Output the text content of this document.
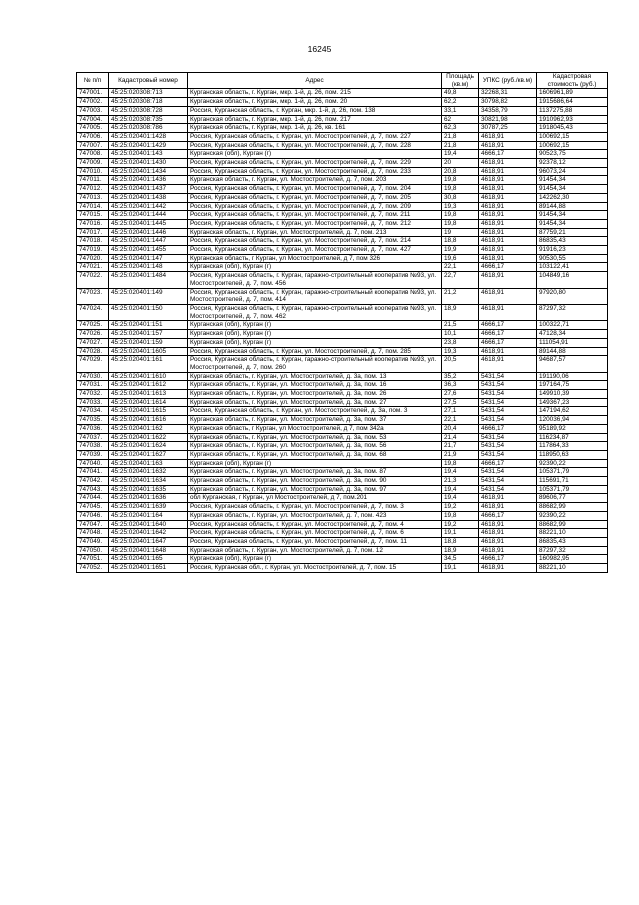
16245
№ п/п	Кадастровый номер	Адрес	Площадь (кв.м)	УПКС (руб./кв.м)	Кадастровая стоимость (руб.)
747001.	45:25:020308:713	Курганская область, г. Курган, мкр. 1-й, д. 26, пом. 215	49,8	32268,31	1606961,89
747002.	45:25:020308:718	Курганская область, г. Курган, мкр. 1-й, д. 26, пом. 20	62,2	30798,82	1915686,64
747003.	45:25:020308:728	Россия, Курганская область, г. Курган, мкр. 1-й, д. 26, пом. 138	33,1	34358,79	1137275,88
747004.	45:25:020308:735	Курганская область, г. Курган, мкр. 1-й, д. 26, пом. 217	62	30821,98	1910962,93
747005.	45:25:020308:786	Курганская область, г. Курган, мкр. 1-й, д. 26, кв. 161	62,3	30787,25	1918045,43
747006.	45:25:020401:1428	Россия, Курганская область, г. Курган, ул. Мостостроителей, д. 7, пом. 227	21,8	4618,91	100692,15
747007.	45:25:020401:1429	Россия, Курганская область, г. Курган, ул. Мостостроителей, д. 7, пом. 228	21,8	4618,91	100692,15
747008.	45:25:020401:143	Курганская (обл), Курган (г)	19,4	4666,17	90523,75
747009.	45:25:020401:1430	Россия, Курганская область, г. Курган, ул. Мостостроителей, д. 7, пом. 229	20	4618,91	92378,12
747010.	45:25:020401:1434	Россия, Курганская область, г. Курган, ул. Мостостроителей, д. 7, пом. 233	20,8	4618,91	96073,24
747011.	45:25:020401:1436	Курганская область, г. Курган, ул. Мостостроителей, д. 7, пом. 203	19,8	4618,91	91454,34
747012.	45:25:020401:1437	Россия, Курганская область, г. Курган, ул. Мостостроителей, д. 7, пом. 204	19,8	4618,91	91454,34
747013.	45:25:020401:1438	Россия, Курганская область, г. Курган, ул. Мостостроителей, д. 7, пом. 205	30,8	4618,91	142262,30
747014.	45:25:020401:1442	Россия, Курганская область, г. Курган, ул. Мостостроителей, д. 7, пом. 209	19,3	4618,91	89144,88
747015.	45:25:020401:1444	Россия, Курганская область, г. Курган, ул. Мостостроителей, д. 7, пом. 211	19,8	4618,91	91454,34
747016.	45:25:020401:1445	Россия, Курганская область, г. Курган, ул. Мостостроителей, д. 7, пом. 212	19,8	4618,91	91454,34
747017.	45:25:020401:1446	Курганская область, г. Курган, ул. Мостостроителей, д. 7, пом. 213	19	4618,91	87759,21
747018.	45:25:020401:1447	Россия, Курганская область, г. Курган, ул. Мостостроителей, д. 7, пом. 214	18,8	4618,91	86835,43
747019.	45:25:020401:1455	Россия, Курганская область, г. Курган, ул. Мостостроителей, д. 7, пом. 427	19,9	4618,91	91916,23
747020.	45:25:020401:147	Курганская область, г Курган, ул Мостостроителей, д 7, пом 326	19,6	4618,91	90530,55
747021.	45:25:020401:148	Курганская (обл), Курган (г)	22,1	4666,17	103122,41
747022.	45:25:020401:1484	Россия, Курганская область, г. Курган, гаражно-строительный кооператив №93, ул. Мостостроителей, д. 7, пом. 456	22,7	4618,91	104849,16
747023.	45:25:020401:149	Россия, Курганская область, г. Курган, гаражно-строительный кооператив №93, ул. Мостостроителей, д. 7, пом. 414	21,2	4618,91	97920,80
747024.	45:25:020401:150	Россия, Курганская область, г. Курган, гаражно-строительный кооператив №93, ул. Мостостроителей, д. 7, пом. 462	18,9	4618,91	87297,32
747025.	45:25:020401:151	Курганская (обл), Курган (г)	21,5	4666,17	100322,71
747026.	45:25:020401:157	Курганская (обл), Курган (г)	10,1	4666,17	47128,34
747027.	45:25:020401:159	Курганская (обл), Курган (г)	23,8	4666,17	111054,91
747028.	45:25:020401:1605	Россия, Курганская область, г. Курган, ул. Мостостроителей, д. 7, пом. 285	19,3	4618,91	89144,88
747029.	45:25:020401:161	Россия, Курганская область, г. Курган, гаражно-строительный кооператив №93, ул. Мостостроителей, д. 7, пом. 260	20,5	4618,91	94687,57
747030.	45:25:020401:1610	Курганская область, г. Курган, ул. Мостостроителей, д. 3а, пом. 13	35,2	5431,54	191190,06
747031.	45:25:020401:1612	Курганская область, г. Курган, ул. Мостостроителей, д. 3а, пом. 16	36,3	5431,54	197164,75
747032.	45:25:020401:1613	Курганская область, г. Курган, ул. Мостостроителей, д. 3а, пом. 26	27,6	5431,54	149910,39
747033.	45:25:020401:1614	Курганская область, г. Курган, ул. Мостостроителей, д. 3а, пом. 27	27,5	5431,54	149367,23
747034.	45:25:020401:1615	Россия, Курганская область, г. Курган, ул. Мостостроителей, д. 3а, пом. 3	27,1	5431,54	147194,62
747035.	45:25:020401:1616	Курганская область, г. Курган, ул. Мостостроителей, д. 3а, пом. 37	22,1	5431,54	120036,94
747036.	45:25:020401:162	Курганская область, г Курган, ул Мостостроителей, д 7, пом 342а	20,4	4666,17	95189,92
747037.	45:25:020401:1622	Курганская область, г. Курган, ул. Мостостроителей, д. 3а, пом. 53	21,4	5431,54	116234,87
747038.	45:25:020401:1624	Курганская область, г. Курган, ул. Мостостроителей, д. 3а, пом. 56	21,7	5431,54	117864,33
747039.	45:25:020401:1627	Курганская область, г. Курган, ул. Мостостроителей, д. 3а, пом. 68	21,9	5431,54	118950,63
747040.	45:25:020401:163	Курганская (обл), Курган (г)	19,8	4666,17	92390,22
747041.	45:25:020401:1632	Курганская область, г. Курган, ул. Мостостроителей, д. 3а, пом. 87	19,4	5431,54	105371,79
747042.	45:25:020401:1634	Курганская область, г. Курган, ул. Мостостроителей, д. 3а, пом. 90	21,3	5431,54	115691,71
747043.	45:25:020401:1635	Курганская область, г. Курган, ул. Мостостроителей, д. 3а, пом. 97	19,4	5431,54	105371,79
747044.	45:25:020401:1636	обл Курганская, г Курган, ул Мостостроителей, д 7, пом.201	19,4	4618,91	89606,77
747045.	45:25:020401:1639	Россия, Курганская область, г. Курган, ул. Мостостроителей, д. 7, пом. 3	19,2	4618,91	88682,99
747046.	45:25:020401:164	Курганская область, г. Курган, ул. Мостостроителей, д. 7, пом. 423	19,8	4666,17	92390,22
747047.	45:25:020401:1640	Россия, Курганская область, г. Курган, ул. Мостостроителей, д. 7, пом. 4	19,2	4618,91	88682,99
747048.	45:25:020401:1642	Россия, Курганская область, г. Курган, ул. Мостостроителей, д. 7, пом. 6	19,1	4618,91	88221,10
747049.	45:25:020401:1647	Россия, Курганская область, г. Курган, ул. Мостостроителей, д. 7, пом. 11	18,8	4618,91	86835,43
747050.	45:25:020401:1648	Курганская область, г. Курган, ул. Мостостроителей, д. 7, пом. 12	18,9	4618,91	87297,32
747051.	45:25:020401:165	Курганская (обл), Курган (г)	34,5	4666,17	160982,95
747052.	45:25:020401:1651	Россия, Курганская обл., г. Курган, ул. Мостостроителей, д. 7, пом. 15	19,1	4618,91	88221,10
